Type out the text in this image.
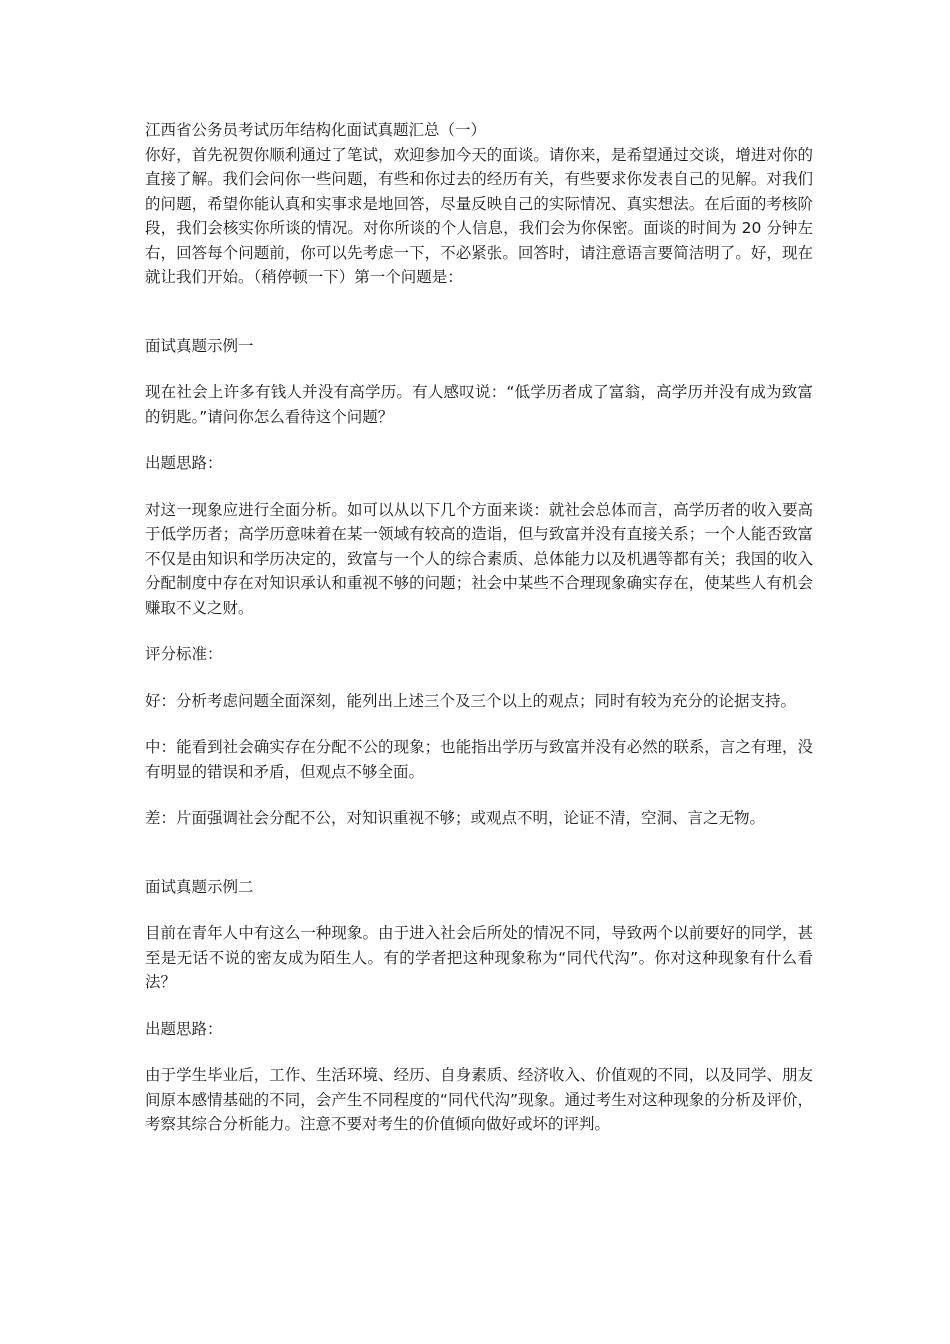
江西省公务员考试历年结构化面试真题汇总（一）

你好，首先祝贺你顺利通过了笔试，欢迎参加今天的面谈。请你来，是希望通过交谈，增进对你的直接了解。我们会问你一些问题，有些和你过去的经历有关，有些要求你发表自己的见解。对我们的问题，希望你能认真和实事求是地回答，尽量反映自己的实际情况、真实想法。在后面的考核阶段，我们会核实你所谈的情况。对你所谈的个人信息，我们会为你保密。面谈的时间为 20 分钟左右，回答每个问题前，你可以先考虑一下，不必紧张。回答时，请注意语言要简洁明了。好，现在就让我们开始。（稍停顿一下）第一个问题是：

面试真题示例一

现在社会上许多有钱人并没有高学历。有人感叹说：“低学历者成了富翁，高学历并没有成为致富的钥匙。”请问你怎么看待这个问题？

出题思路：

对这一现象应进行全面分析。如可以从以下几个方面来谈：就社会总体而言，高学历者的收入要高于低学历者；高学历意味着在某一领域有较高的造诣，但与致富并没有直接关系；一个人能否致富不仅是由知识和学历决定的，致富与一个人的综合素质、总体能力以及机遇等都有关；我国的收入分配制度中存在对知识承认和重视不够的问题；社会中某些不合理现象确实存在，使某些人有机会赚取不义之财。

评分标准：

好：分析考虑问题全面深刻，能列出上述三个及三个以上的观点；同时有较为充分的论据支持。

中：能看到社会确实存在分配不公的现象；也能指出学历与致富并没有必然的联系，言之有理，没有明显的错误和矛盾，但观点不够全面。

差：片面强调社会分配不公，对知识重视不够；或观点不明，论证不清，空洞、言之无物。

面试真题示例二

目前在青年人中有这么一种现象。由于进入社会后所处的情况不同，导致两个以前要好的同学，甚至是无话不说的密友成为陌生人。有的学者把这种现象称为“同代代沟”。你对这种现象有什么看法？

出题思路：

由于学生毕业后，工作、生活环境、经历、自身素质、经济收入、价值观的不同，以及同学、朋友间原本感情基础的不同，会产生不同程度的“同代代沟”现象。通过考生对这种现象的分析及评价，考察其综合分析能力。注意不要对考生的价值倾向做好或坏的评判。
